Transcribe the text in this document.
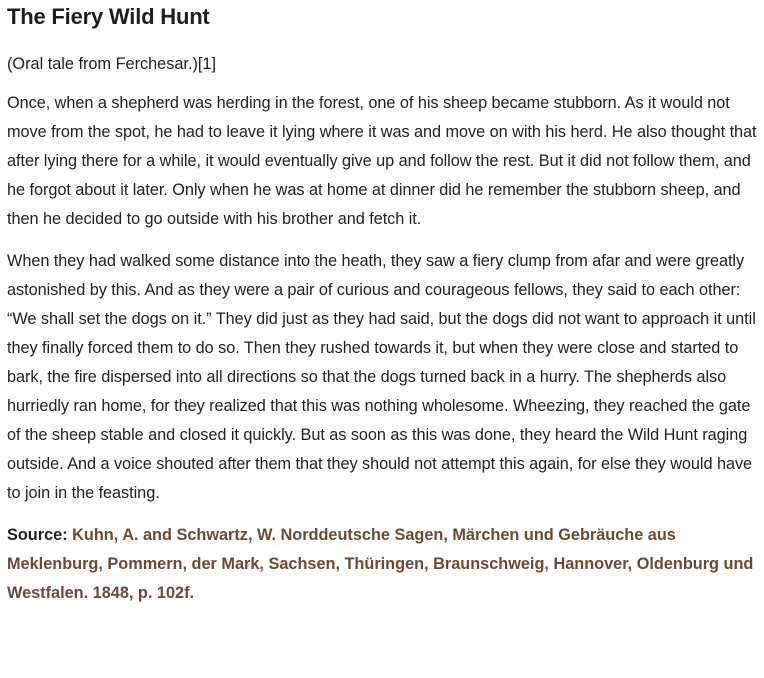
The Fiery Wild Hunt

(Oral tale from Ferchesar.)[1]

Once, when a shepherd was herding in the forest, one of his sheep became stubborn. As it would not move from the spot, he had to leave it lying where it was and move on with his herd. He also thought that after lying there for a while, it would eventually give up and follow the rest. But it did not follow them, and he forgot about it later. Only when he was at home at dinner did he remember the stubborn sheep, and then he decided to go outside with his brother and fetch it.

When they had walked some distance into the heath, they saw a fiery clump from afar and were greatly astonished by this. And as they were a pair of curious and courageous fellows, they said to each other: “We shall set the dogs on it.” They did just as they had said, but the dogs did not want to approach it until they finally forced them to do so. Then they rushed towards it, but when they were close and started to bark, the fire dispersed into all directions so that the dogs turned back in a hurry. The shepherds also hurriedly ran home, for they realized that this was nothing wholesome. Wheezing, they reached the gate of the sheep stable and closed it quickly. But as soon as this was done, they heard the Wild Hunt raging outside. And a voice shouted after them that they should not attempt this again, for else they would have to join in the feasting.

Source: Kuhn, A. and Schwartz, W. Norddeutsche Sagen, Märchen und Gebräuche aus Meklenburg, Pommern, der Mark, Sachsen, Thüringen, Braunschweig, Hannover, Oldenburg und Westfalen. 1848, p. 102f.
